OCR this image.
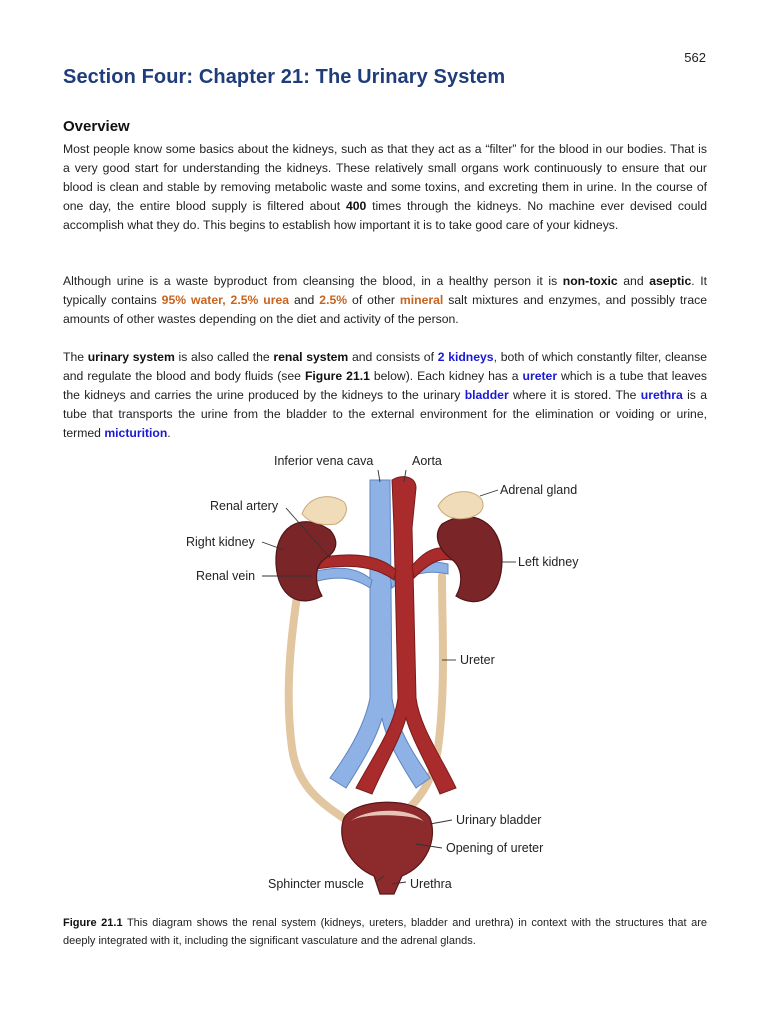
562
Section Four: Chapter 21: The Urinary System
Overview

Most people know some basics about the kidneys, such as that they act as a “filter” for the blood in our bodies. That is a very good start for understanding the kidneys. These relatively small organs work continuously to ensure that our blood is clean and stable by removing metabolic waste and some toxins, and excreting them in urine. In the course of one day, the entire blood supply is filtered about 400 times through the kidneys. No machine ever devised could accomplish what they do. This begins to establish how important it is to take good care of your kidneys.

Although urine is a waste byproduct from cleansing the blood, in a healthy person it is non-toxic and aseptic. It typically contains 95% water, 2.5% urea and 2.5% of other mineral salt mixtures and enzymes, and possibly trace amounts of other wastes depending on the diet and activity of the person.

The urinary system is also called the renal system and consists of 2 kidneys, both of which constantly filter, cleanse and regulate the blood and body fluids (see Figure 21.1 below). Each kidney has a ureter which is a tube that leaves the kidneys and carries the urine produced by the kidneys to the urinary bladder where it is stored. The urethra is a tube that transports the urine from the bladder to the external environment for the elimination or voiding or urine, termed micturition.

Inferior vena cava	Aorta
Adrenal gland
Renal artery
Right kidney
Left kidney
Renal vein
Ureter
Urinary bladder
Opening of ureter
Sphincter muscle	Urethra

Figure 21.1 This diagram shows the renal system (kidneys, ureters, bladder and urethra) in context with the structures that are deeply integrated with it, including the significant vasculature and the adrenal glands.
